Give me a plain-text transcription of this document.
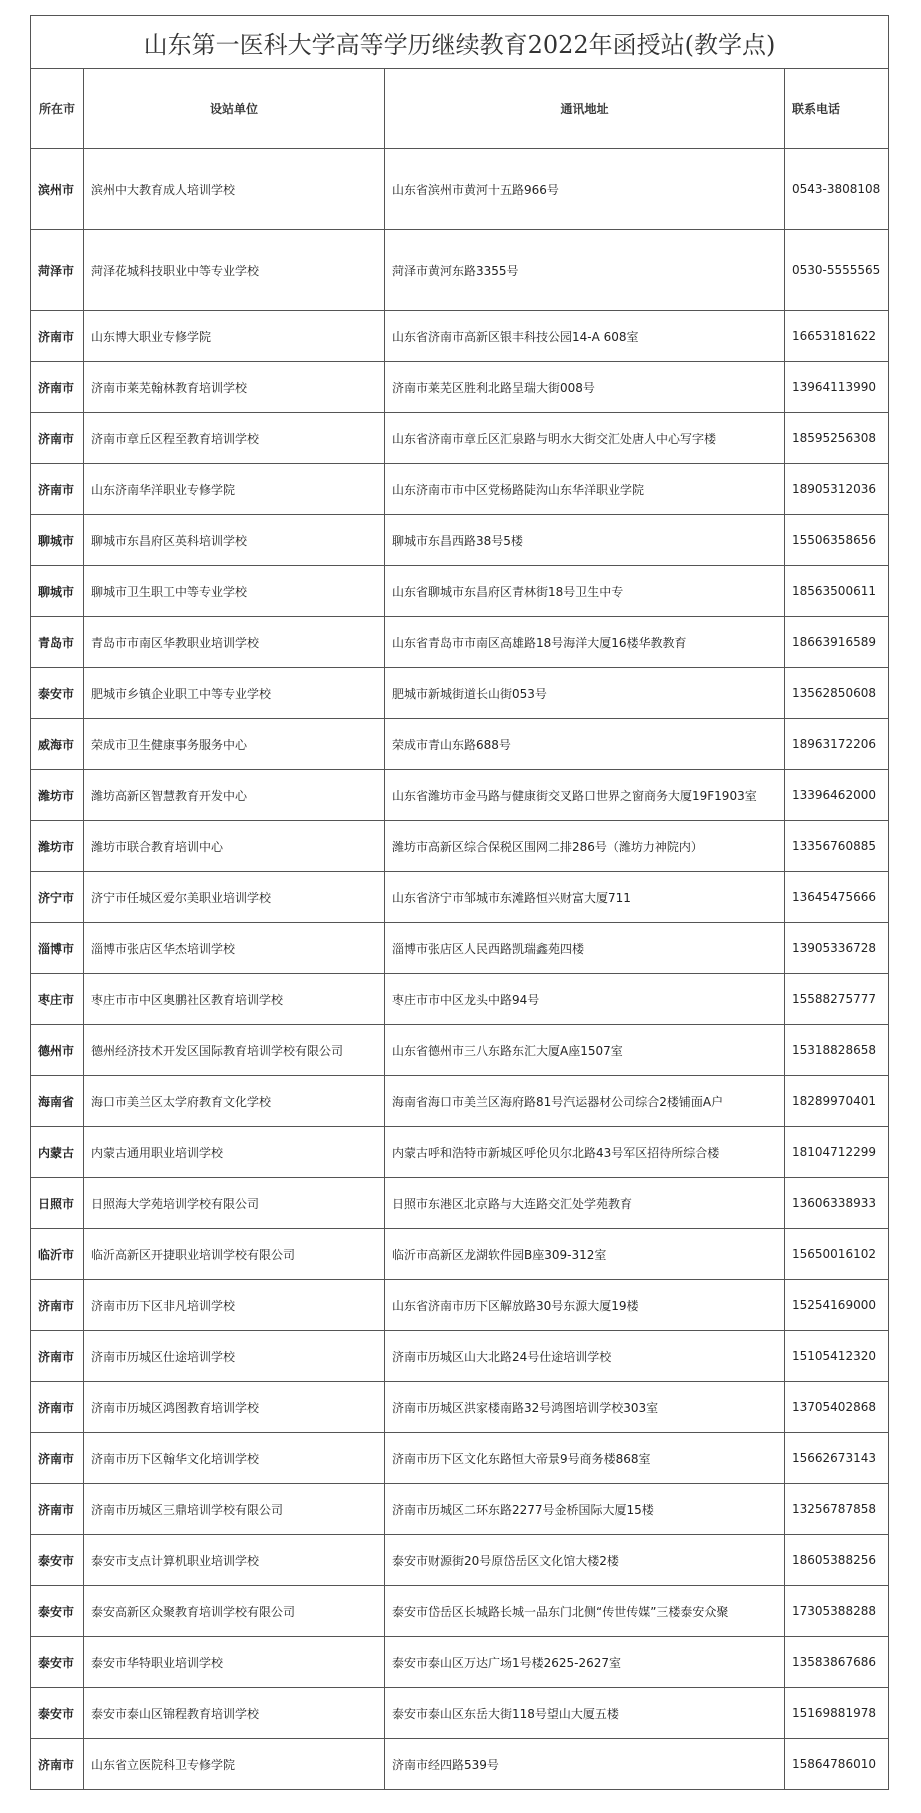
山东第一医科大学高等学历继续教育2022年函授站(教学点)			
所在市	设站单位	通讯地址	联系电话
滨州市	滨州中大教育成人培训学校	山东省滨州市黄河十五路966号	0543-3808108
菏泽市	菏泽花城科技职业中等专业学校	菏泽市黄河东路3355号	0530-5555565
济南市	山东博大职业专修学院	山东省济南市高新区银丰科技公园14-A 608室	16653181622
济南市	济南市莱芜翰林教育培训学校	济南市莱芜区胜利北路呈瑞大街008号	13964113990
济南市	济南市章丘区程至教育培训学校	山东省济南市章丘区汇泉路与明水大街交汇处唐人中心写字楼	18595256308
济南市	山东济南华洋职业专修学院	山东济南市市中区党杨路陡沟山东华洋职业学院	18905312036
聊城市	聊城市东昌府区英科培训学校	聊城市东昌西路38号5楼	15506358656
聊城市	聊城市卫生职工中等专业学校	山东省聊城市东昌府区青林街18号卫生中专	18563500611
青岛市	青岛市市南区华教职业培训学校	山东省青岛市市南区高雄路18号海洋大厦16楼华教教育	18663916589
泰安市	肥城市乡镇企业职工中等专业学校	肥城市新城街道长山街053号	13562850608
威海市	荣成市卫生健康事务服务中心	荣成市青山东路688号	18963172206
潍坊市	潍坊高新区智慧教育开发中心	山东省潍坊市金马路与健康街交叉路口世界之窗商务大厦19F1903室	13396462000
潍坊市	潍坊市联合教育培训中心	潍坊市高新区综合保税区围网二排286号（潍坊力神院内）	13356760885
济宁市	济宁市任城区爱尔美职业培训学校	山东省济宁市邹城市东滩路恒兴财富大厦711	13645475666
淄博市	淄博市张店区华杰培训学校	淄博市张店区人民西路凯瑞鑫苑四楼	13905336728
枣庄市	枣庄市市中区奥鹏社区教育培训学校	枣庄市市中区龙头中路94号	15588275777
德州市	德州经济技术开发区国际教育培训学校有限公司	山东省德州市三八东路东汇大厦A座1507室	15318828658
海南省	海口市美兰区太学府教育文化学校	海南省海口市美兰区海府路81号汽运器材公司综合2楼铺面A户	18289970401
内蒙古	内蒙古通用职业培训学校	内蒙古呼和浩特市新城区呼伦贝尔北路43号军区招待所综合楼	18104712299
日照市	日照海大学苑培训学校有限公司	日照市东港区北京路与大连路交汇处学苑教育	13606338933
临沂市	临沂高新区开捷职业培训学校有限公司	临沂市高新区龙湖软件园B座309-312室	15650016102
济南市	济南市历下区非凡培训学校	山东省济南市历下区解放路30号东源大厦19楼	15254169000
济南市	济南市历城区仕途培训学校	济南市历城区山大北路24号仕途培训学校	15105412320
济南市	济南市历城区鸿图教育培训学校	济南市历城区洪家楼南路32号鸿图培训学校303室	13705402868
济南市	济南市历下区翰华文化培训学校	济南市历下区文化东路恒大帝景9号商务楼868室	15662673143
济南市	济南市历城区三鼎培训学校有限公司	济南市历城区二环东路2277号金桥国际大厦15楼	13256787858
泰安市	泰安市支点计算机职业培训学校	泰安市财源街20号原岱岳区文化馆大楼2楼	18605388256
泰安市	泰安高新区众聚教育培训学校有限公司	泰安市岱岳区长城路长城一品东门北侧“传世传媒”三楼泰安众聚	17305388288
泰安市	泰安市华特职业培训学校	泰安市泰山区万达广场1号楼2625-2627室	13583867686
泰安市	泰安市泰山区锦程教育培训学校	泰安市泰山区东岳大街118号望山大厦五楼	15169881978
济南市	山东省立医院科卫专修学院	济南市经四路539号	15864786010
